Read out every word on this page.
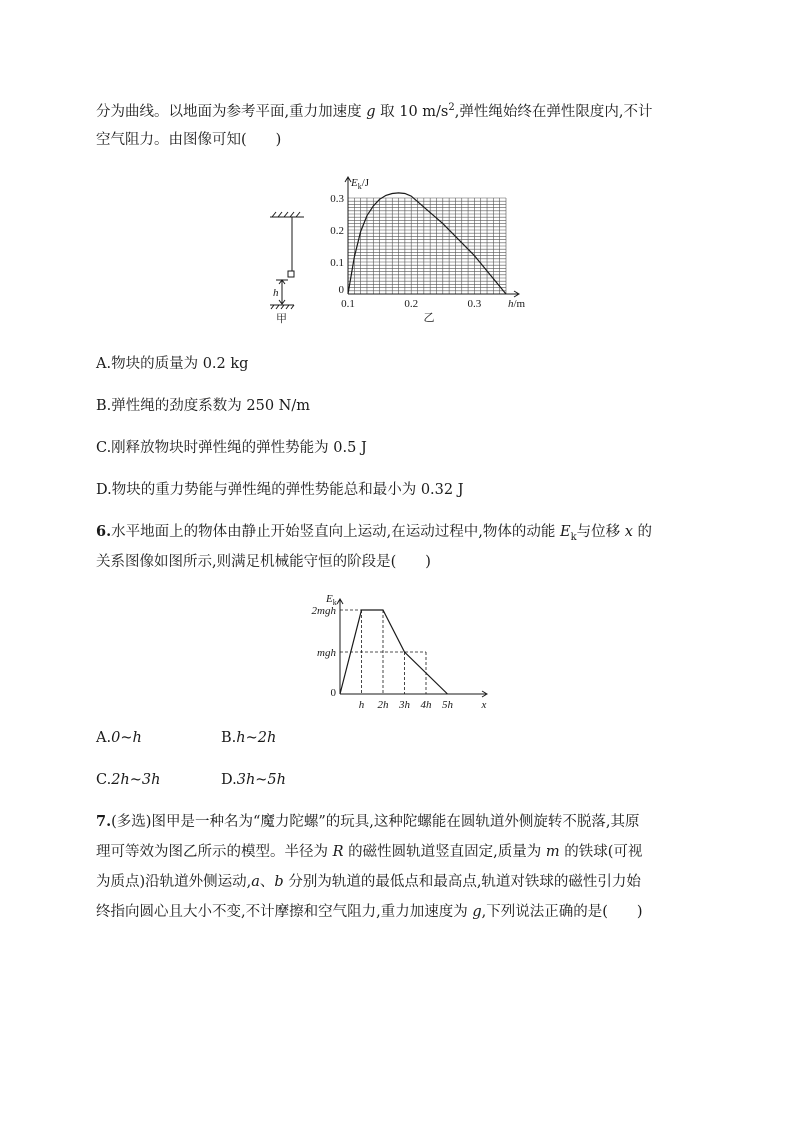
分为曲线。以地面为参考平面,重力加速度 g 取 10 $m/s^2$,弹性绳始终在弹性限度内,不计
空气阻力。由图像可知(　　)
h
甲
0
0.1
0.2
0.3
0.1	0.2	0.3
$E_k/J$
h/m
乙
A.物块的质量为 0.2 kg
B.弹性绳的劲度系数为 250 N/m
C.刚释放物块时弹性绳的弹性势能为 0.5 J
D.物块的重力势能与弹性绳的弹性势能总和最小为 0.32 J
6.水平地面上的物体由静止开始竖直向上运动,在运动过程中,物体的动能 $E_k$与位移 x 的
关系图像如图所示,则满足机械能守恒的阶段是(　　)
0
mgh
2mgh
h 2h 3h 4h 5h	x
$E_k$
A.0~h	B.h~2h
C.2h~3h	D.3h~5h
7.(多选)图甲是一种名为“魔力陀螺”的玩具,这种陀螺能在圆轨道外侧旋转不脱落,其原
理可等效为图乙所示的模型。半径为 R 的磁性圆轨道竖直固定,质量为 m 的铁球(可视
为质点)沿轨道外侧运动,a、b 分别为轨道的最低点和最高点,轨道对铁球的磁性引力始
终指向圆心且大小不变,不计摩擦和空气阻力,重力加速度为 g,下列说法正确的是(　　)
